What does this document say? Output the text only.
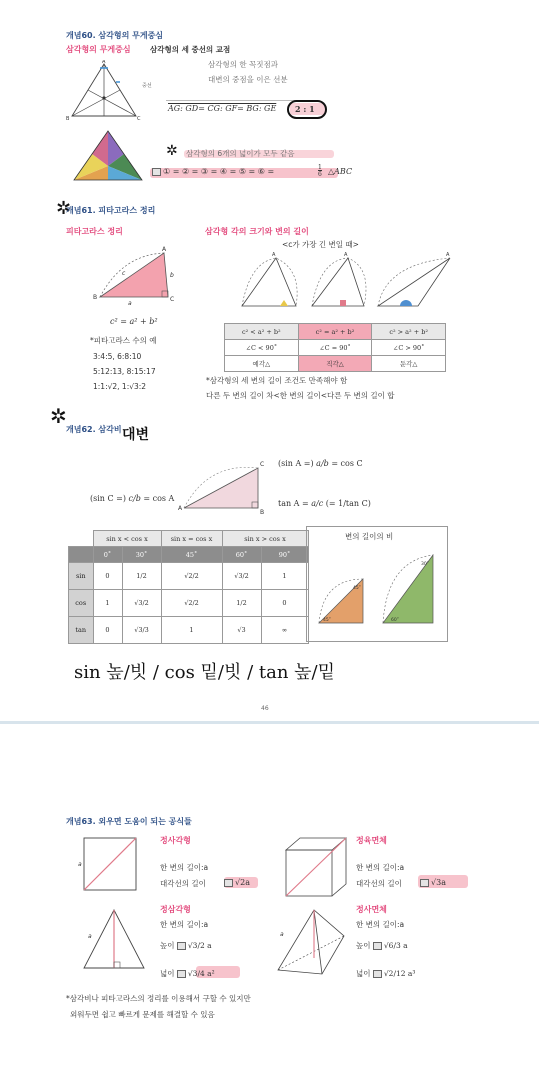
개념60. 삼각형의 무게중심
삼각형의 무게중심	삼각형의 세 중선의 교점
삼각형의 한 꼭짓점과
대변의 중점을 이은 선분
A
B	C
중선
AG: GD= CG: GF= BG: GE 2 : 1
✲ 삼각형의 6개의 넓이가 모두 같음
① = ② = ③ = ④ = ⑤ = ⑥ =	$\frac{1}{6}$ △ABC
✲
개념61. 피타고라스 정리
피타고라스 정리	삼각형 각의 크기와 변의 길이
<c가 가장 긴 변일 때>
B	C
A
a
c	b
c² = a² + b²
*피타고라스 수의 예
3:4:5, 6:8:10
5:12:13, 8:15:17
1:1:√2, 1:√3:2
A	A	A
c² < a² + b²	c² = a² + b²	c² > a² + b²
∠C < 90˚	∠C = 90˚	∠C > 90˚
예각△	직각△	둔각△
*삼각형의 세 변의 길이 조건도 만족해야 함
다른 두 변의 길이 차<한 변의 길이<다른 두 변의 길이 합
✲
개념62. 삼각비 대변
A
B
C (sin A =) a/b = cos C
(sin C =) c/b = cos A
tan A = a/c (= 1/tan C)
	sin x < cos x		sin x = cos x	sin x > cos x	
	0˚	30˚	45˚	60˚	90˚
sin	0	1/2	√2/2	√3/2	1
cos	1	√3/2	√2/2	1/2	0
tan	0	√3/3	1	√3	∞
변의 길이의 비
45˚
45˚
60˚
30˚
sin 높/빗 / cos 밑/빗 / tan 높/밑
46
개념63. 외우면 도움이 되는 공식들
a
정사각형
한 변의 길이:a
대각선의 길이	√2a
정육면체
한 변의 길이:a
대각선의 길이	√3a
a
정삼각형
한 변의 길이:a
높이 √3/2 a
넓이 √3/4 a²
a
정사면체
한 변의 길이:a
높이 √6/3 a
넓이 √2/12 a³
*삼각비나 피타고라스의 정리를 이용해서 구할 수 있지만
외워두면 쉽고 빠르게 문제를 해결할 수 있음
